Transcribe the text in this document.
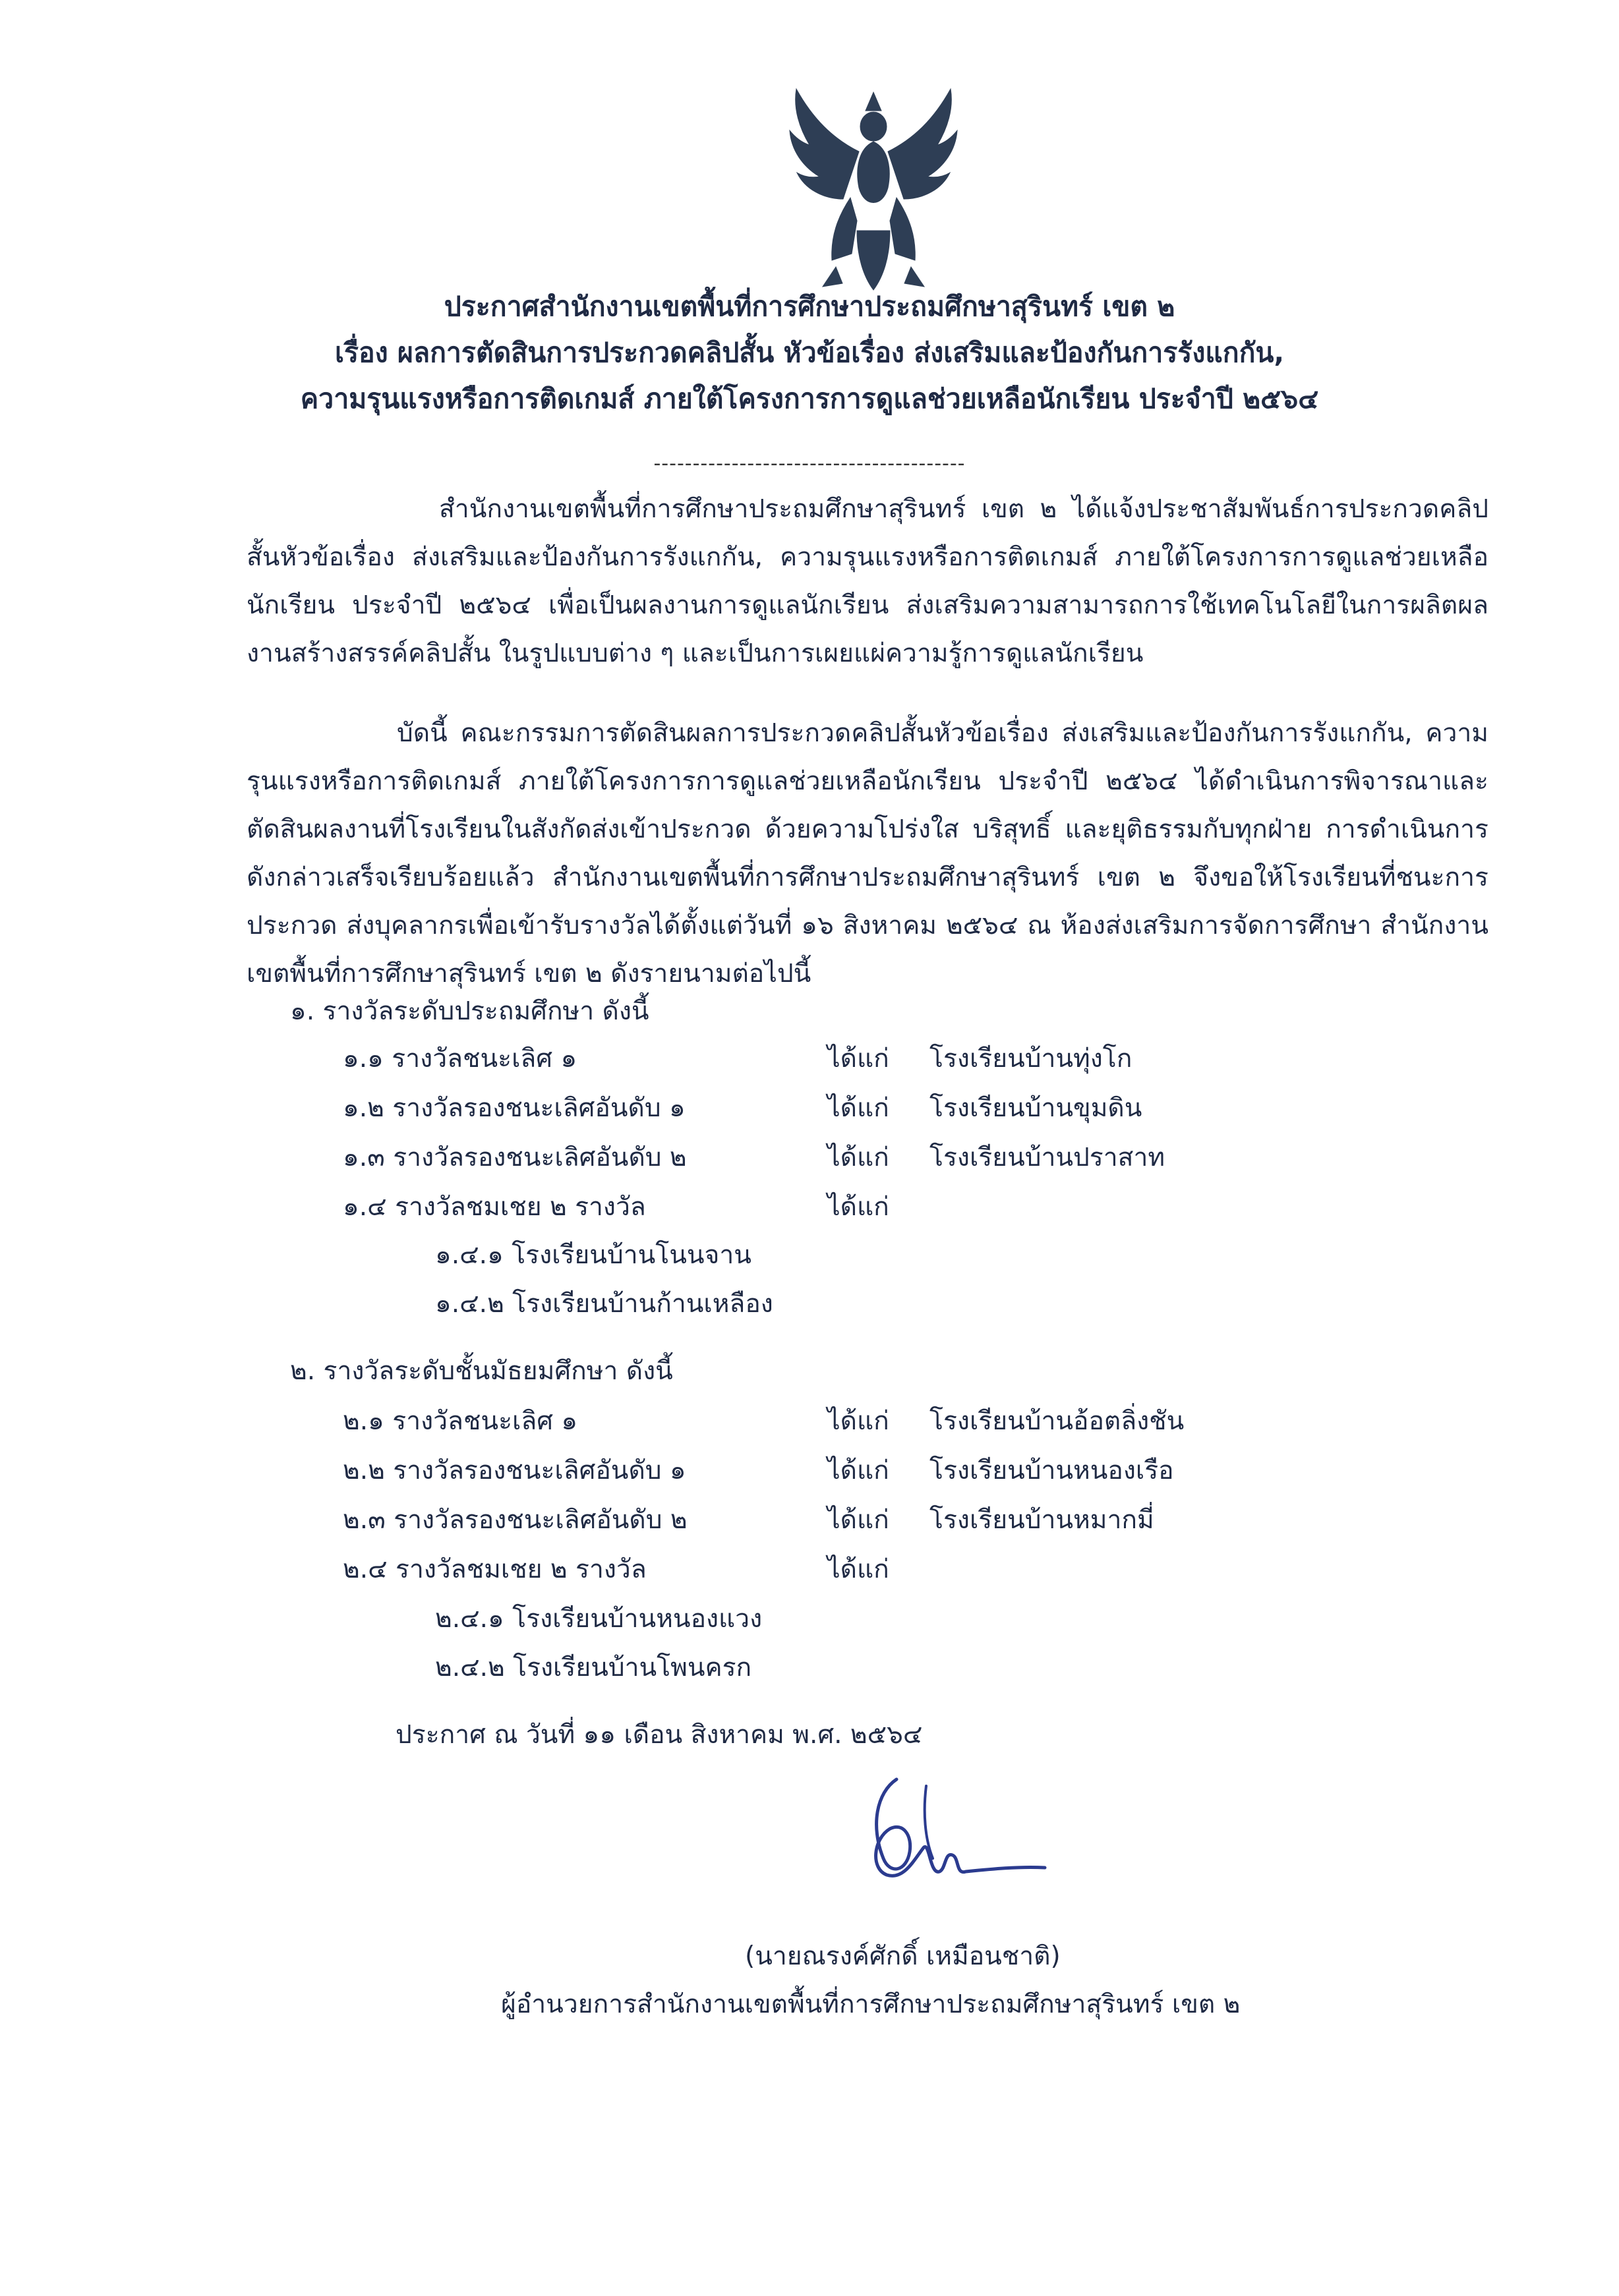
ประกาศสำนักงานเขตพื้นที่การศึกษาประถมศึกษาสุรินทร์ เขต ๒
เรื่อง ผลการตัดสินการประกวดคลิปสั้น หัวข้อเรื่อง ส่งเสริมและป้องกันการรังแกกัน,
ความรุนแรงหรือการติดเกมส์ ภายใต้โครงการการดูแลช่วยเหลือนักเรียน ประจำปี ๒๕๖๔
----------------------------------------
สำนักงานเขตพื้นที่การศึกษาประถมศึกษาสุรินทร์ เขต ๒ ได้แจ้งประชาสัมพันธ์การประกวดคลิปสั้นหัวข้อเรื่อง ส่งเสริมและป้องกันการรังแกกัน, ความรุนแรงหรือการติดเกมส์ ภายใต้โครงการการดูแลช่วยเหลือนักเรียน ประจำปี ๒๕๖๔ เพื่อเป็นผลงานการดูแลนักเรียน ส่งเสริมความสามารถการใช้เทคโนโลยีในการผลิตผลงานสร้างสรรค์คลิปสั้น ในรูปแบบต่าง ๆ และเป็นการเผยแผ่ความรู้การดูแลนักเรียน
บัดนี้ คณะกรรมการตัดสินผลการประกวดคลิปสั้นหัวข้อเรื่อง ส่งเสริมและป้องกันการรังแกกัน, ความรุนแรงหรือการติดเกมส์ ภายใต้โครงการการดูแลช่วยเหลือนักเรียน ประจำปี ๒๕๖๔ ได้ดำเนินการพิจารณาและตัดสินผลงานที่โรงเรียนในสังกัดส่งเข้าประกวด ด้วยความโปร่งใส บริสุทธิ์ และยุติธรรมกับทุกฝ่าย การดำเนินการดังกล่าวเสร็จเรียบร้อยแล้ว สำนักงานเขตพื้นที่การศึกษาประถมศึกษาสุรินทร์ เขต ๒ จึงขอให้โรงเรียนที่ชนะการประกวด ส่งบุคลากรเพื่อเข้ารับรางวัลได้ตั้งแต่วันที่ ๑๖ สิงหาคม ๒๕๖๔ ณ ห้องส่งเสริมการจัดการศึกษา สำนักงานเขตพื้นที่การศึกษาสุรินทร์ เขต ๒ ดังรายนามต่อไปนี้
๑. รางวัลระดับประถมศึกษา ดังนี้
๑.๑ รางวัลชนะเลิศ ๑	ได้แก่ โรงเรียนบ้านทุ่งโก
๑.๒ รางวัลรองชนะเลิศอันดับ ๑	ได้แก่ โรงเรียนบ้านขุมดิน
๑.๓ รางวัลรองชนะเลิศอันดับ ๒	ได้แก่ โรงเรียนบ้านปราสาท
๑.๔ รางวัลชมเชย ๒ รางวัล	ได้แก่
๑.๔.๑ โรงเรียนบ้านโนนจาน
๑.๔.๒ โรงเรียนบ้านก้านเหลือง
๒. รางวัลระดับชั้นมัธยมศึกษา ดังนี้
๒.๑ รางวัลชนะเลิศ ๑	ได้แก่ โรงเรียนบ้านอ้อตลิ่งชัน
๒.๒ รางวัลรองชนะเลิศอันดับ ๑	ได้แก่ โรงเรียนบ้านหนองเรือ
๒.๓ รางวัลรองชนะเลิศอันดับ ๒	ได้แก่ โรงเรียนบ้านหมากมี่
๒.๔ รางวัลชมเชย ๒ รางวัล	ได้แก่
๒.๔.๑ โรงเรียนบ้านหนองแวง
๒.๔.๒ โรงเรียนบ้านโพนครก
ประกาศ ณ วันที่ ๑๑ เดือน สิงหาคม พ.ศ. ๒๕๖๔
(นายณรงค์ศักดิ์ เหมือนชาติ)
ผู้อำนวยการสำนักงานเขตพื้นที่การศึกษาประถมศึกษาสุรินทร์ เขต ๒
